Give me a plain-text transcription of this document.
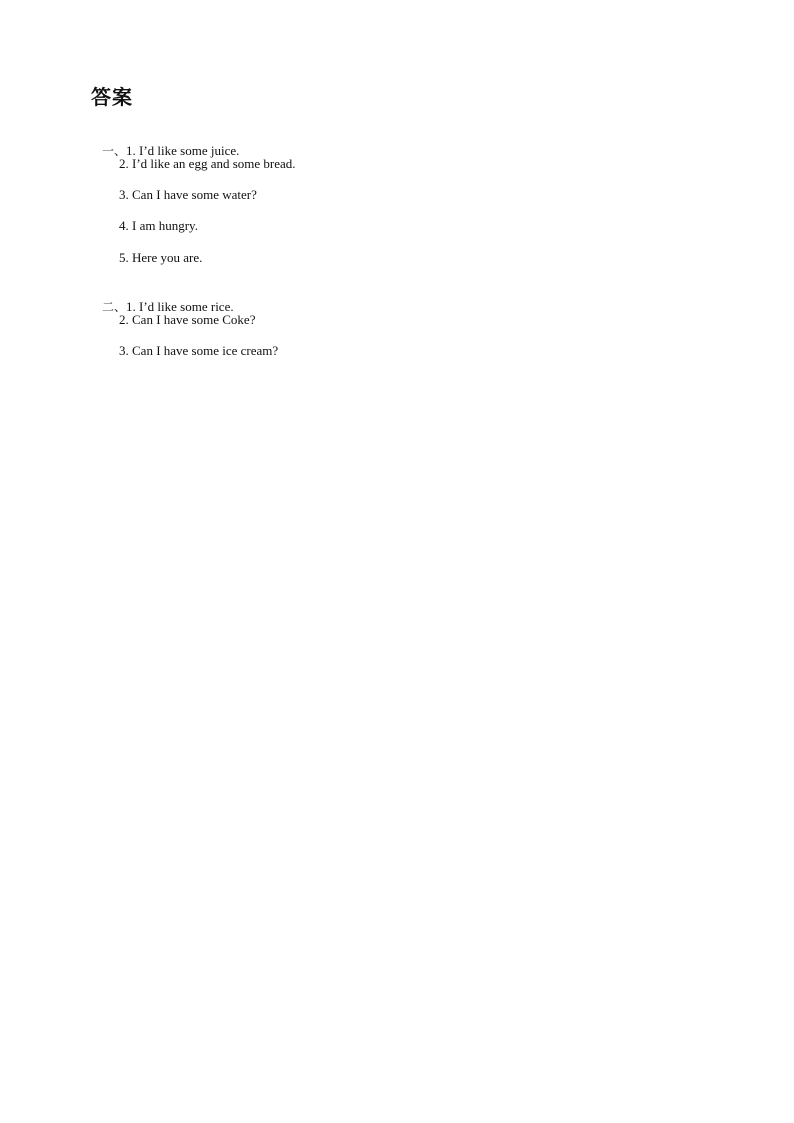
答案

一、1. I’d like some juice.

2. I’d like an egg and some bread.
3. Can I have some water?
4. I am hungry.
5. Here you are.

二、1. I’d like some rice.

2. Can I have some Coke?
3. Can I have some ice cream?
